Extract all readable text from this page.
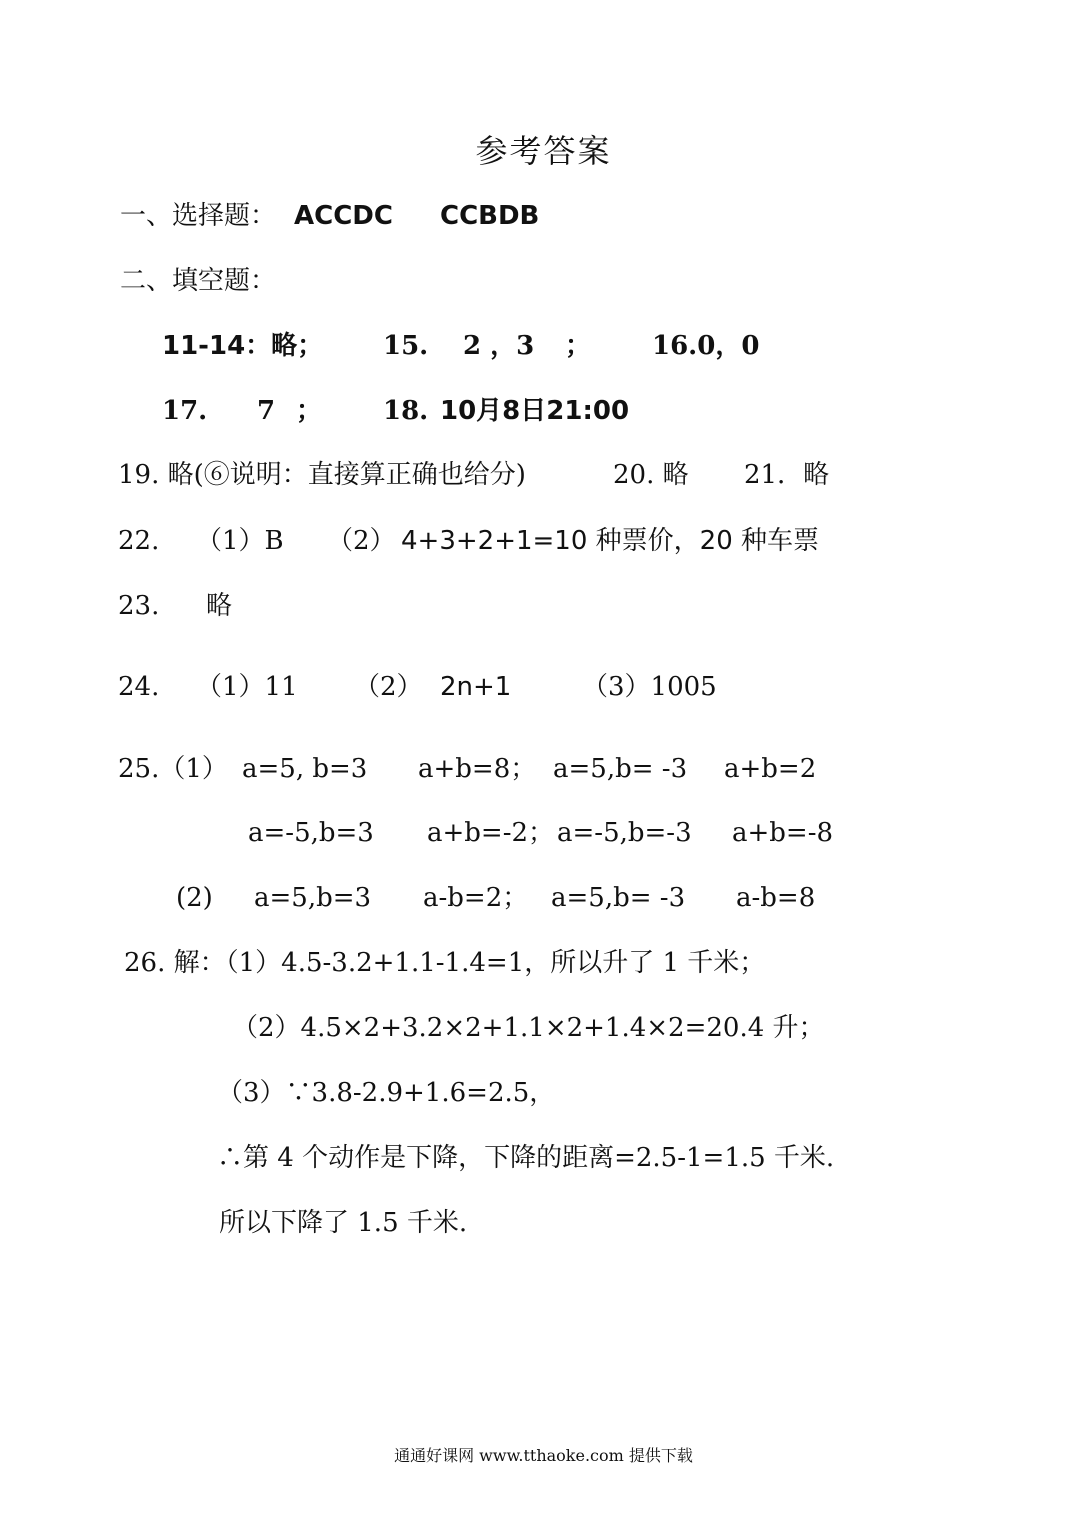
参考答案
一、选择题： ACCDC CCBDB
二、填空题：
11-14：略； 15. 2 ，3 ； 16.0，0
17. 7 ； 18. 10月8日21:00
19. 略(⑥说明：直接算正确也给分)	20. 略 21．略
22. （1）B （2） 4+3+2+1=10 种票价，20 种车票
23. 略
24. （1）11 （2） 2n+1	（3）1005
25.（1） a=5, b=3 a+b=8； a=5,b= -3 a+b=2
a=-5,b=3 a+b=-2； a=-5,b=-3 a+b=-8
(2) a=5,b=3 a-b=2； a=5,b= -3 a-b=8
26. 解：（1）4.5-3.2+1.1-1.4=1，所以升了 1 千米；
（2）4.5×2+3.2×2+1.1×2+1.4×2=20.4 升；
（3）∵3.8-2.9+1.6=2.5，
∴第 4 个动作是下降，下降的距离=2.5-1=1.5 千米.
所以下降了 1.5 千米.
通通好课网 www.tthaoke.com 提供下载
